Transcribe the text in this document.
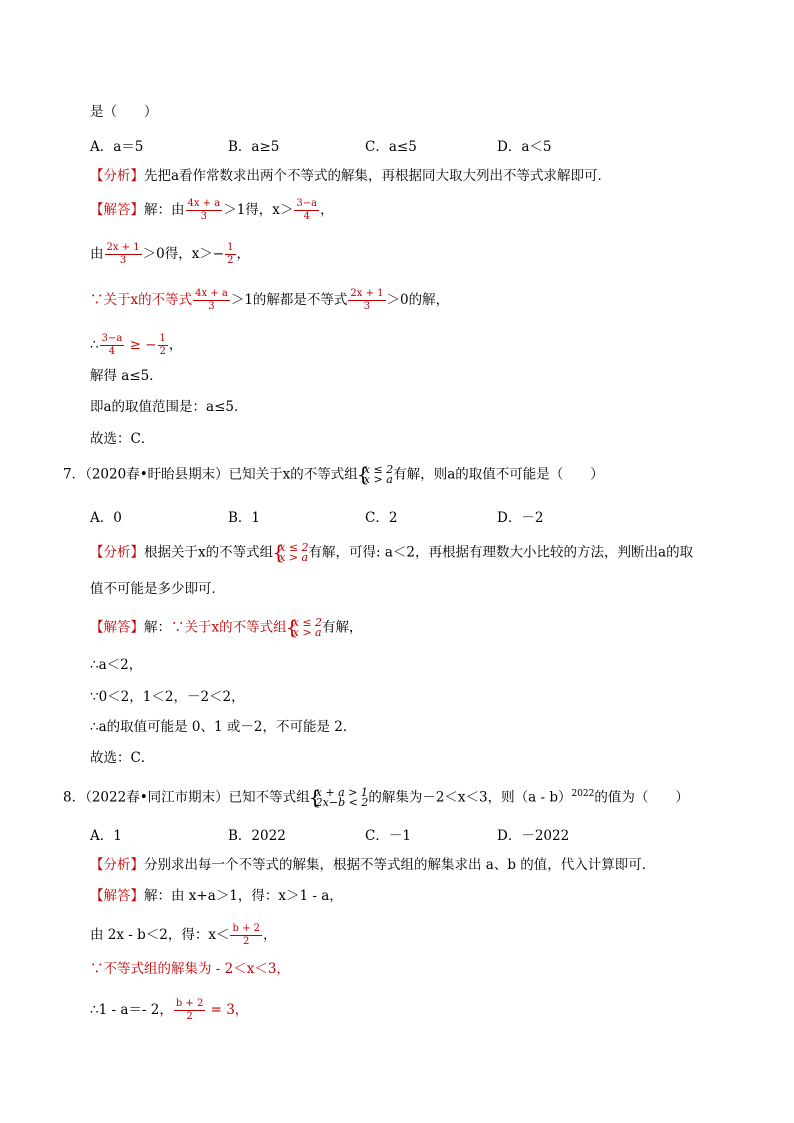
是（　　）
A．a＝5	B．a≥5	C．a≤5	D．a＜5
【分析】先把a看作常数求出两个不等式的解集，再根据同大取大列出不等式求解即可．
【解答】解：由 $\frac{4x + a}{3} >1$得，$x> \frac{3-a}{4}$ ，
由 $\frac{2x + 1}{3} >0$得，$x>- \frac{1}{2}$ ，
∵关于x的不等式 $\frac{4x + a}{3} >1$的解都是不等式 $\frac{2x + 1}{3} >0$的解，
∴ $\frac{3-a}{4}$ ≥ − $\frac{1}{2}$ ，
解得 a≤5．
即a的取值范围是：a≤5．
故选：C．
7．（2020春•盱眙县期末）已知关于x的不等式组 { x ≤ 2
x > a 有解，则a的取值不可能是（　　）
A．0	B．1	C．2	D．－2
【分析】根据关于x的不等式组 { x ≤ 2
x > a 有解，可得: a＜2，再根据有理数大小比较的方法，判断出a的取
值不可能是多少即可．
【解答】解：∵关于x的不等式组 { x ≤ 2
x > a 有解，
∴a＜2，
∵0＜2，1＜2，－2＜2，
∴a的取值可能是 0、1 或－2，不可能是 2．
故选：C．
8．（2022春•同江市期末）已知不等式组 { x + a > 1
2x−b < 2 的解集为－2＜x＜3，则（a - b）$^{2022}$的值为（　　）
A．1	B．2022	C．－1	D．－2022
【分析】分别求出每一个不等式的解集，根据不等式组的解集求出 a、b 的值，代入计算即可．
【解答】解：由 x+a＞1，得：x＞1 - a，
由 2x - b＜2，得：$x< \frac{b + 2}{2}$ ，
∵不等式组的解集为 - 2＜x＜3，
∴1 - a＝- 2， $\frac{b + 2}{2} = 3$，
